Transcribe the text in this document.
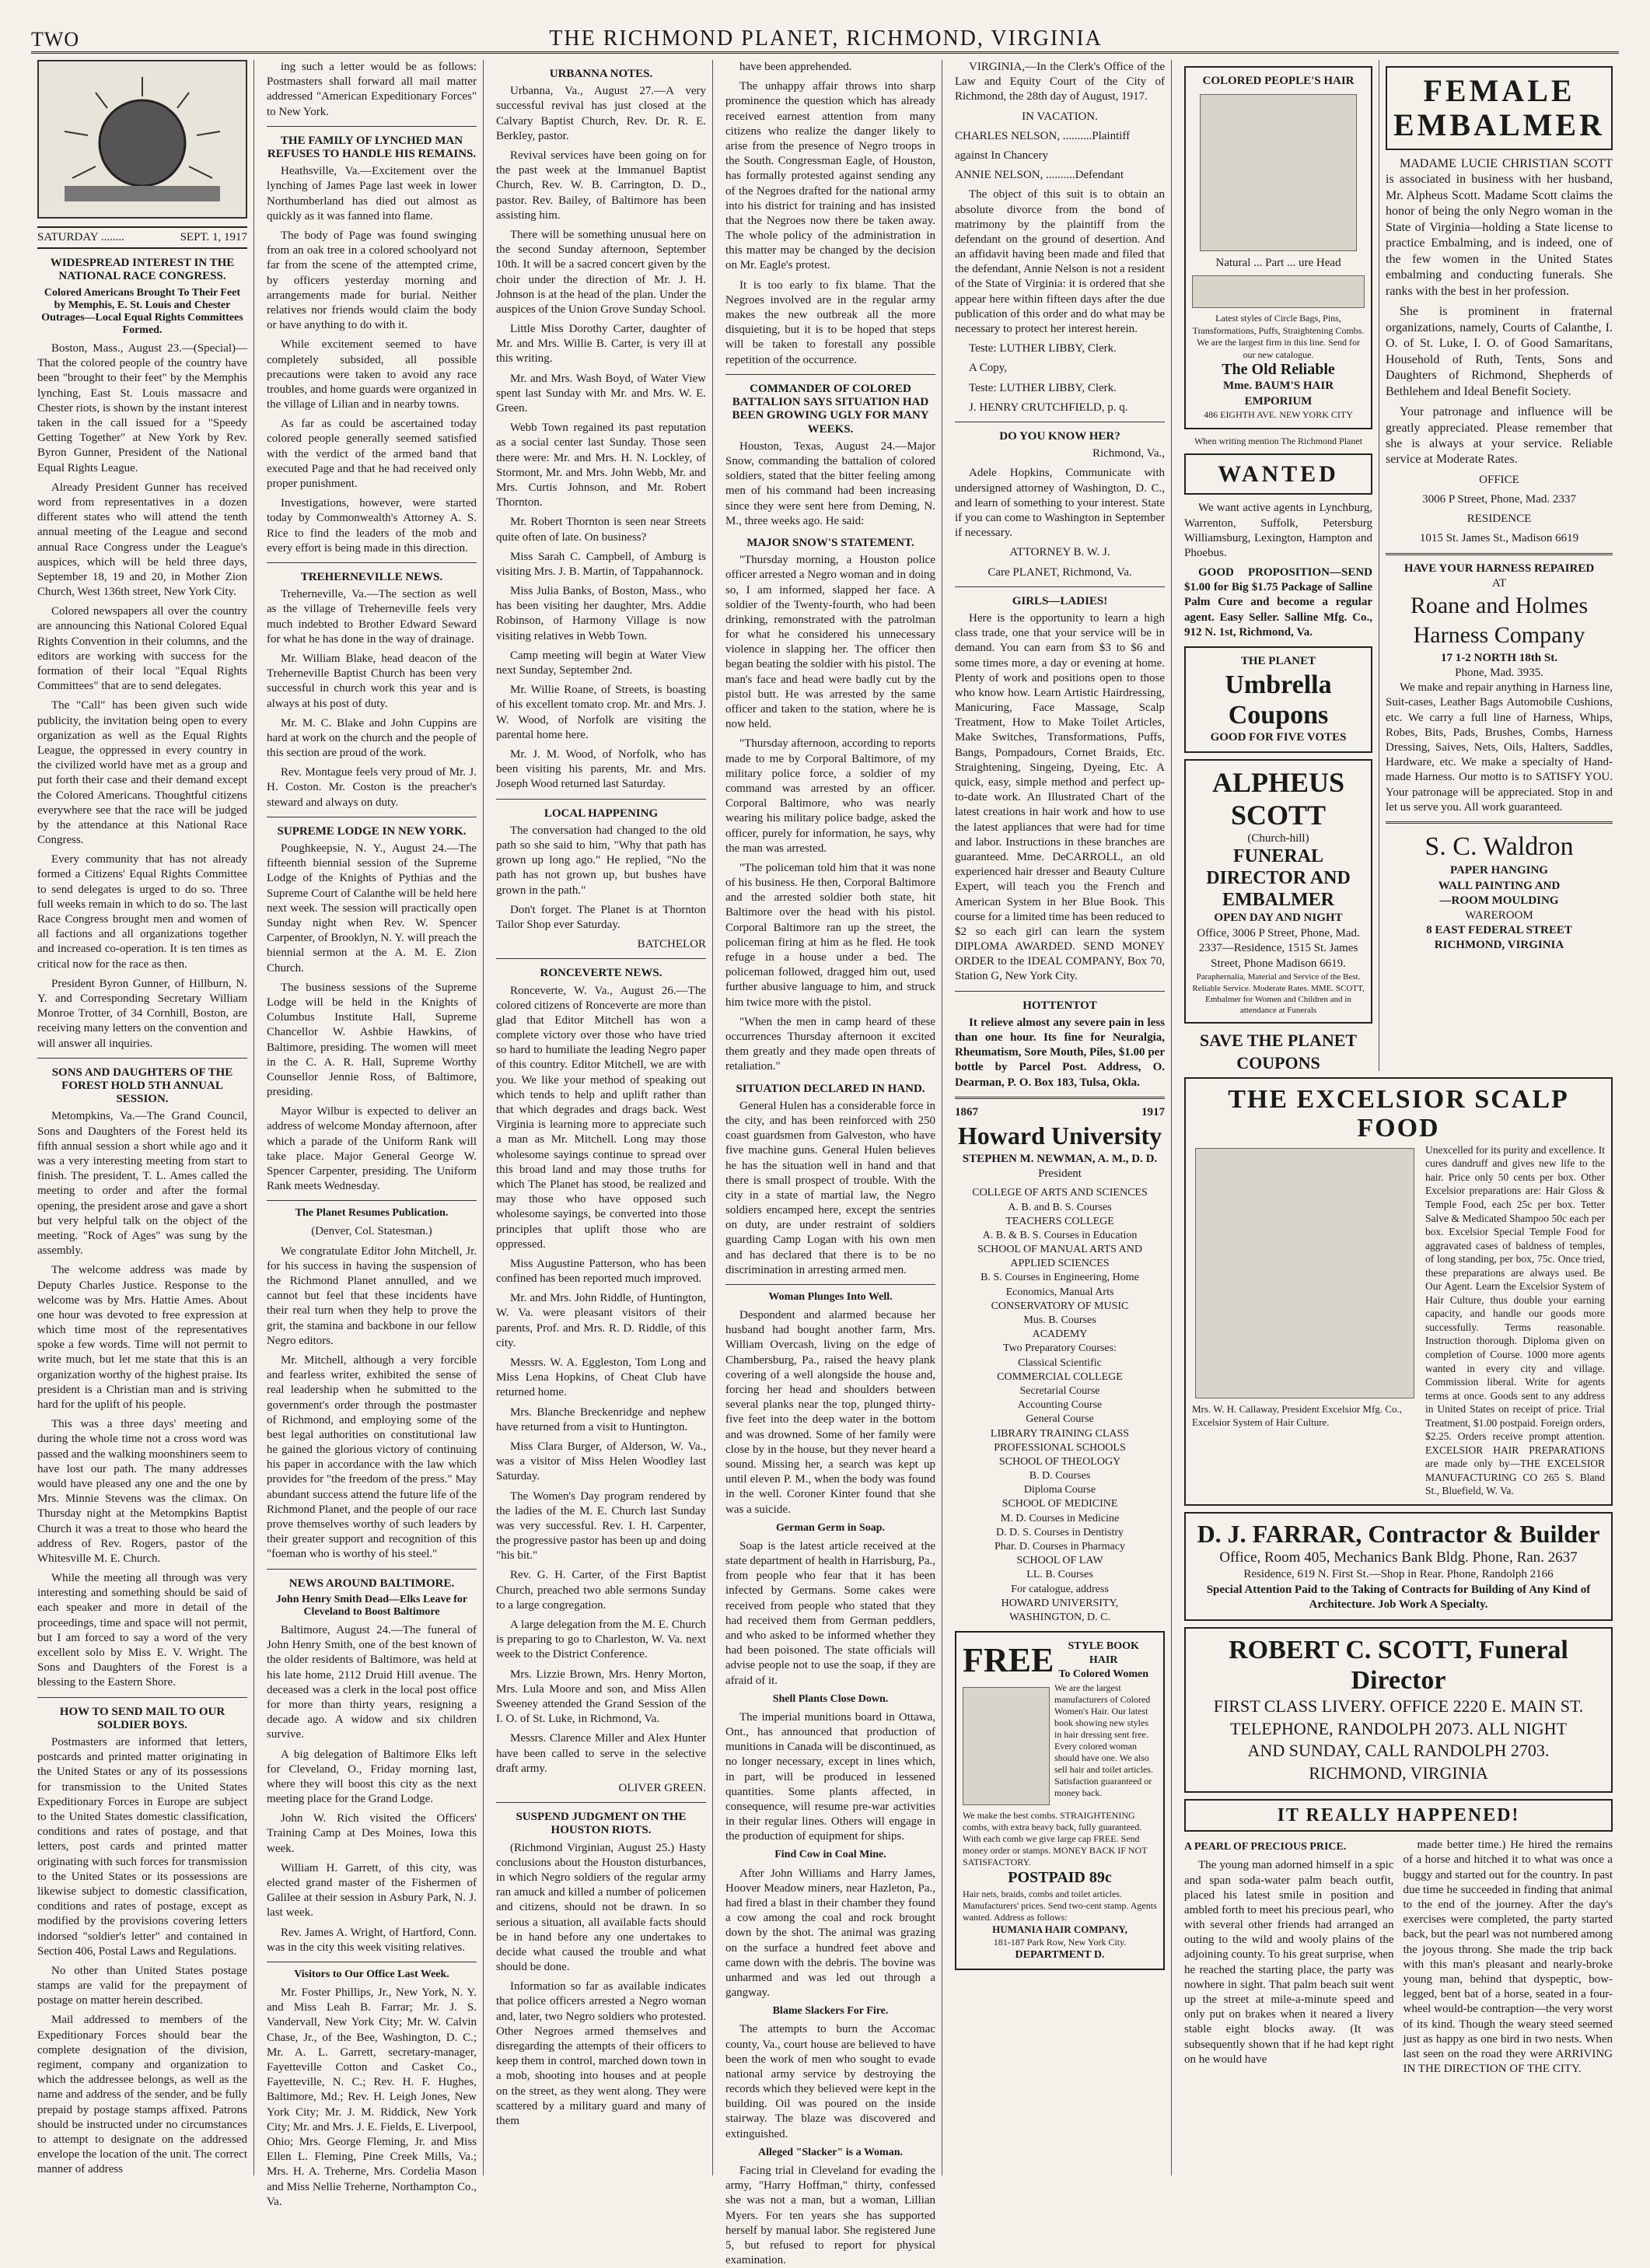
TWO	THE RICHMOND PLANET, RICHMOND, VIRGINIA
SATURDAY ........	SEPT. 1, 1917
WIDESPREAD INTEREST IN THE NATIONAL RACE CONGRESS.
Colored Americans Brought To Their Feet by Memphis, E. St. Louis and Chester Outrages—Local Equal Rights Committees Formed.

Boston, Mass., August 23.—(Special)—That the colored people of the country have been "brought to their feet" by the Memphis lynching, East St. Louis massacre and Chester riots, is shown by the instant interest taken in the call issued for a "Speedy Getting Together" at New York by Rev. Byron Gunner, President of the National Equal Rights League.

Already President Gunner has received word from representatives in a dozen different states who will attend the tenth annual meeting of the League and second annual Race Congress under the League's auspices, which will be held three days, September 18, 19 and 20, in Mother Zion Church, West 136th street, New York City.

Colored newspapers all over the country are announcing this National Colored Equal Rights Convention in their columns, and the editors are working with success for the formation of their local "Equal Rights Committees" that are to send delegates.

The "Call" has been given such wide publicity, the invitation being open to every organization as well as the Equal Rights League, the oppressed in every country in the civilized world have met as a group and put forth their case and their demand except the Colored Americans. Thoughtful citizens everywhere see that the race will be judged by the attendance at this National Race Congress.

Every community that has not already formed a Citizens' Equal Rights Committee to send delegates is urged to do so. Three full weeks remain in which to do so. The last Race Congress brought men and women of all factions and all organizations together and increased co-operation. It is ten times as critical now for the race as then.

President Byron Gunner, of Hillburn, N. Y. and Corresponding Secretary William Monroe Trotter, of 34 Cornhill, Boston, are receiving many letters on the convention and will answer all inquiries.

SONS AND DAUGHTERS OF THE FOREST HOLD 5TH ANNUAL SESSION.

Metompkins, Va.—The Grand Council, Sons and Daughters of the Forest held its fifth annual session a short while ago and it was a very interesting meeting from start to finish. The president, T. L. Ames called the meeting to order and after the formal opening, the president arose and gave a short but very helpful talk on the object of the meeting. "Rock of Ages" was sung by the assembly.

The welcome address was made by Deputy Charles Justice. Response to the welcome was by Mrs. Hattie Ames. About one hour was devoted to free expression at which time most of the representatives spoke a few words. Time will not permit to write much, but let me state that this is an organization worthy of the highest praise. Its president is a Christian man and is striving hard for the uplift of his people.

This was a three days' meeting and during the whole time not a cross word was passed and the walking moonshiners seem to have lost our path. The many addresses would have pleased any one and the one by Mrs. Minnie Stevens was the climax. On Thursday night at the Metompkins Baptist Church it was a treat to those who heard the address of Rev. Rogers, pastor of the Whitesville M. E. Church.

While the meeting all through was very interesting and something should be said of each speaker and more in detail of the proceedings, time and space will not permit, but I am forced to say a word of the very excellent solo by Miss E. V. Wright. The Sons and Daughters of the Forest is a blessing to the Eastern Shore.

HOW TO SEND MAIL TO OUR SOLDIER BOYS.

Postmasters are informed that letters, postcards and printed matter originating in the United States or any of its possessions for transmission to the United States Expeditionary Forces in Europe are subject to the United States domestic classification, conditions and rates of postage, and that letters, post cards and printed matter originating with such forces for transmission to the United States or its possessions are likewise subject to domestic classification, conditions and rates of postage, except as modified by the provisions covering letters indorsed "soldier's letter" and contained in Section 406, Postal Laws and Regulations.

No other than United States postage stamps are valid for the prepayment of postage on matter herein described.

Mail addressed to members of the Expeditionary Forces should bear the complete designation of the division, regiment, company and organization to which the addressee belongs, as well as the name and address of the sender, and be fully prepaid by postage stamps affixed. Patrons should be instructed under no circumstances to attempt to designate on the addressed envelope the location of the unit. The correct manner of address

ing such a letter would be as follows: Postmasters shall forward all mail matter addressed "American Expeditionary Forces" to New York.

THE FAMILY OF LYNCHED MAN REFUSES TO HANDLE HIS REMAINS.

Heathsville, Va.—Excitement over the lynching of James Page last week in lower Northumberland has died out almost as quickly as it was fanned into flame.

The body of Page was found swinging from an oak tree in a colored schoolyard not far from the scene of the attempted crime, by officers yesterday morning and arrangements made for burial. Neither relatives nor friends would claim the body or have anything to do with it.

While excitement seemed to have completely subsided, all possible precautions were taken to avoid any race troubles, and home guards were organized in the village of Lilian and in nearby towns.

As far as could be ascertained today colored people generally seemed satisfied with the verdict of the armed band that executed Page and that he had received only proper punishment.

Investigations, however, were started today by Commonwealth's Attorney A. S. Rice to find the leaders of the mob and every effort is being made in this direction.

TREHERNEVILLE NEWS.

Treherneville, Va.—The section as well as the village of Treherneville feels very much indebted to Brother Edward Seward for what he has done in the way of drainage.

Mr. William Blake, head deacon of the Treherneville Baptist Church has been very successful in church work this year and is always at his post of duty.

Mr. M. C. Blake and John Cuppins are hard at work on the church and the people of this section are proud of the work.

Rev. Montague feels very proud of Mr. J. H. Coston. Mr. Coston is the preacher's steward and always on duty.

SUPREME LODGE IN NEW YORK.

Poughkeepsie, N. Y., August 24.—The fifteenth biennial session of the Supreme Lodge of the Knights of Pythias and the Supreme Court of Calanthe will be held here next week. The session will practically open Sunday night when Rev. W. Spencer Carpenter, of Brooklyn, N. Y. will preach the biennial sermon at the A. M. E. Zion Church.

The business sessions of the Supreme Lodge will be held in the Knights of Columbus Institute Hall, Supreme Chancellor W. Ashbie Hawkins, of Baltimore, presiding. The women will meet in the C. A. R. Hall, Supreme Worthy Counsellor Jennie Ross, of Baltimore, presiding.

Mayor Wilbur is expected to deliver an address of welcome Monday afternoon, after which a parade of the Uniform Rank will take place. Major General George W. Spencer Carpenter, presiding. The Uniform Rank meets Wednesday.

The Planet Resumes Publication.

(Denver, Col. Statesman.)

We congratulate Editor John Mitchell, Jr. for his success in having the suspension of the Richmond Planet annulled, and we cannot but feel that these incidents have their real turn when they help to prove the grit, the stamina and backbone in our fellow Negro editors.

Mr. Mitchell, although a very forcible and fearless writer, exhibited the sense of real leadership when he submitted to the government's order through the postmaster of Richmond, and employing some of the best legal authorities on constitutional law he gained the glorious victory of continuing his paper in accordance with the law which provides for "the freedom of the press." May abundant success attend the future life of the Richmond Planet, and the people of our race prove themselves worthy of such leaders by their greater support and recognition of this "foeman who is worthy of his steel."

NEWS AROUND BALTIMORE.
John Henry Smith Dead—Elks Leave for Cleveland to Boost Baltimore

Baltimore, August 24.—The funeral of John Henry Smith, one of the best known of the older residents of Baltimore, was held at his late home, 2112 Druid Hill avenue. The deceased was a clerk in the local post office for more than thirty years, resigning a decade ago. A widow and six children survive.

A big delegation of Baltimore Elks left for Cleveland, O., Friday morning last, where they will boost this city as the next meeting place for the Grand Lodge.

John W. Rich visited the Officers' Training Camp at Des Moines, Iowa this week.

William H. Garrett, of this city, was elected grand master of the Fishermen of Galilee at their session in Asbury Park, N. J. last week.

Rev. James A. Wright, of Hartford, Conn. was in the city this week visiting relatives.

Visitors to Our Office Last Week.

Mr. Foster Phillips, Jr., New York, N. Y. and Miss Leah B. Farrar; Mr. J. S. Vandervall, New York City; Mr. W. Calvin Chase, Jr., of the Bee, Washington, D. C.; Mr. A. L. Garrett, secretary-manager, Fayetteville Cotton and Casket Co., Fayetteville, N. C.; Rev. H. F. Hughes, Baltimore, Md.; Rev. H. Leigh Jones, New York City; Mr. J. M. Riddick, New York City; Mr. and Mrs. J. E. Fields, E. Liverpool, Ohio; Mrs. George Fleming, Jr. and Miss Ellen L. Fleming, Pine Creek Mills, Va.; Mrs. H. A. Treherne, Mrs. Cordelia Mason and Miss Nellie Treherne, Northampton Co., Va.

URBANNA NOTES.

Urbanna, Va., August 27.—A very successful revival has just closed at the Calvary Baptist Church, Rev. Dr. R. E. Berkley, pastor.

Revival services have been going on for the past week at the Immanuel Baptist Church, Rev. W. B. Carrington, D. D., pastor. Rev. Bailey, of Baltimore has been assisting him.

There will be something unusual here on the second Sunday afternoon, September 10th. It will be a sacred concert given by the choir under the direction of Mr. J. H. Johnson is at the head of the plan. Under the auspices of the Union Grove Sunday School.

Little Miss Dorothy Carter, daughter of Mr. and Mrs. Willie B. Carter, is very ill at this writing.

Mr. and Mrs. Wash Boyd, of Water View spent last Sunday with Mr. and Mrs. W. E. Green.

Webb Town regained its past reputation as a social center last Sunday. Those seen there were: Mr. and Mrs. H. N. Lockley, of Stormont, Mr. and Mrs. John Webb, Mr. and Mrs. Curtis Johnson, and Mr. Robert Thornton.

Mr. Robert Thornton is seen near Streets quite often of late. On business?

Miss Sarah C. Campbell, of Amburg is visiting Mrs. J. B. Martin, of Tappahannock.

Miss Julia Banks, of Boston, Mass., who has been visiting her daughter, Mrs. Addie Robinson, of Harmony Village is now visiting relatives in Webb Town.

Camp meeting will begin at Water View next Sunday, September 2nd.

Mr. Willie Roane, of Streets, is boasting of his excellent tomato crop. Mr. and Mrs. J. W. Wood, of Norfolk are visiting the parental home here.

Mr. J. M. Wood, of Norfolk, who has been visiting his parents, Mr. and Mrs. Joseph Wood returned last Saturday.

LOCAL HAPPENING

The conversation had changed to the old path so she said to him, "Why that path has grown up long ago." He replied, "No the path has not grown up, but bushes have grown in the path."

Don't forget. The Planet is at Thornton Tailor Shop ever Saturday.

BATCHELOR

RONCEVERTE NEWS.

Ronceverte, W. Va., August 26.—The colored citizens of Ronceverte are more than glad that Editor Mitchell has won a complete victory over those who have tried so hard to humiliate the leading Negro paper of this country. Editor Mitchell, we are with you. We like your method of speaking out which tends to help and uplift rather than that which degrades and drags back. West Virginia is learning more to appreciate such a man as Mr. Mitchell. Long may those wholesome sayings continue to spread over this broad land and may those truths for which The Planet has stood, be realized and may those who have opposed such wholesome sayings, be converted into those principles that uplift those who are oppressed.

Miss Augustine Patterson, who has been confined has been reported much improved.

Mr. and Mrs. John Riddle, of Huntington, W. Va. were pleasant visitors of their parents, Prof. and Mrs. R. D. Riddle, of this city.

Messrs. W. A. Eggleston, Tom Long and Miss Lena Hopkins, of Cheat Club have returned home.

Mrs. Blanche Breckenridge and nephew have returned from a visit to Huntington.

Miss Clara Burger, of Alderson, W. Va., was a visitor of Miss Helen Woodley last Saturday.

The Women's Day program rendered by the ladies of the M. E. Church last Sunday was very successful. Rev. I. H. Carpenter, the progressive pastor has been up and doing "his bit."

Rev. G. H. Carter, of the First Baptist Church, preached two able sermons Sunday to a large congregation.

A large delegation from the M. E. Church is preparing to go to Charleston, W. Va. next week to the District Conference.

Mrs. Lizzie Brown, Mrs. Henry Morton, Mrs. Lula Moore and son, and Miss Allen Sweeney attended the Grand Session of the I. O. of St. Luke, in Richmond, Va.

Messrs. Clarence Miller and Alex Hunter have been called to serve in the selective draft army.

OLIVER GREEN.

SUSPEND JUDGMENT ON THE HOUSTON RIOTS.

(Richmond Virginian, August 25.) Hasty conclusions about the Houston disturbances, in which Negro soldiers of the regular army ran amuck and killed a number of policemen and citizens, should not be drawn. In so serious a situation, all available facts should be in hand before any one undertakes to decide what caused the trouble and what should be done.

Information so far as available indicates that police officers arrested a Negro woman and, later, two Negro soldiers who protested. Other Negroes armed themselves and disregarding the attempts of their officers to keep them in control, marched down town in a mob, shooting into houses and at people on the street, as they went along. They were scattered by a military guard and many of them

have been apprehended.

The unhappy affair throws into sharp prominence the question which has already received earnest attention from many citizens who realize the danger likely to arise from the presence of Negro troops in the South. Congressman Eagle, of Houston, has formally protested against sending any of the Negroes drafted for the national army into his district for training and has insisted that the Negroes now there be taken away. The whole policy of the administration in this matter may be changed by the decision on Mr. Eagle's protest.

It is too early to fix blame. That the Negroes involved are in the regular army makes the new outbreak all the more disquieting, but it is to be hoped that steps will be taken to forestall any possible repetition of the occurrence.

COMMANDER OF COLORED BATTALION SAYS SITUATION HAD BEEN GROWING UGLY FOR MANY WEEKS.

Houston, Texas, August 24.—Major Snow, commanding the battalion of colored soldiers, stated that the bitter feeling among men of his command had been increasing since they were sent here from Deming, N. M., three weeks ago. He said:

MAJOR SNOW'S STATEMENT.

"Thursday morning, a Houston police officer arrested a Negro woman and in doing so, I am informed, slapped her face. A soldier of the Twenty-fourth, who had been drinking, remonstrated with the patrolman for what he considered his unnecessary violence in slapping her. The officer then began beating the soldier with his pistol. The man's face and head were badly cut by the pistol butt. He was arrested by the same officer and taken to the station, where he is now held.

"Thursday afternoon, according to reports made to me by Corporal Baltimore, of my military police force, a soldier of my command was arrested by an officer. Corporal Baltimore, who was nearly wearing his military police badge, asked the officer, purely for information, he says, why the man was arrested.

"The policeman told him that it was none of his business. He then, Corporal Baltimore and the arrested soldier both state, hit Baltimore over the head with his pistol. Corporal Baltimore ran up the street, the policeman firing at him as he fled. He took refuge in a house under a bed. The policeman followed, dragged him out, used further abusive language to him, and struck him twice more with the pistol.

"When the men in camp heard of these occurrences Thursday afternoon it excited them greatly and they made open threats of retaliation."

SITUATION DECLARED IN HAND.

General Hulen has a considerable force in the city, and has been reinforced with 250 coast guardsmen from Galveston, who have five machine guns. General Hulen believes he has the situation well in hand and that there is small prospect of trouble. With the city in a state of martial law, the Negro soldiers encamped here, except the sentries on duty, are under restraint of soldiers guarding Camp Logan with his own men and has declared that there is to be no discrimination in arresting armed men.

Woman Plunges Into Well.

Despondent and alarmed because her husband had bought another farm, Mrs. William Overcash, living on the edge of Chambersburg, Pa., raised the heavy plank covering of a well alongside the house and, forcing her head and shoulders between several planks near the top, plunged thirty-five feet into the deep water in the bottom and was drowned. Some of her family were close by in the house, but they never heard a sound. Missing her, a search was kept up until eleven P. M., when the body was found in the well. Coroner Kinter found that she was a suicide.

German Germ in Soap.

Soap is the latest article received at the state department of health in Harrisburg, Pa., from people who fear that it has been infected by Germans. Some cakes were received from people who stated that they had received them from German peddlers, and who asked to be informed whether they had been poisoned. The state officials will advise people not to use the soap, if they are afraid of it.

Shell Plants Close Down.

The imperial munitions board in Ottawa, Ont., has announced that production of munitions in Canada will be discontinued, as no longer necessary, except in lines which, in part, will be produced in lessened quantities. Some plants affected, in consequence, will resume pre-war activities in their regular lines. Others will engage in the production of equipment for ships.

Find Cow in Coal Mine.

After John Williams and Harry James, Hoover Meadow miners, near Hazleton, Pa., had fired a blast in their chamber they found a cow among the coal and rock brought down by the shot. The animal was grazing on the surface a hundred feet above and came down with the debris. The bovine was unharmed and was led out through a gangway.

Blame Slackers For Fire.

The attempts to burn the Accomac county, Va., court house are believed to have been the work of men who sought to evade national army service by destroying the records which they believed were kept in the building. Oil was poured on the inside stairway. The blaze was discovered and extinguished.

Alleged "Slacker" is a Woman.

Facing trial in Cleveland for evading the army, "Harry Hoffman," thirty, confessed she was not a man, but a woman, Lillian Myers. For ten years she has supported herself by manual labor. She registered June 5, but refused to report for physical examination.

VIRGINIA,—In the Clerk's Office of the Law and Equity Court of the City of Richmond, the 28th day of August, 1917.

IN VACATION.

CHARLES NELSON, ..........Plaintiff

against In Chancery

ANNIE NELSON, ..........Defendant

The object of this suit is to obtain an absolute divorce from the bond of matrimony by the plaintiff from the defendant on the ground of desertion. And an affidavit having been made and filed that the defendant, Annie Nelson is not a resident of the State of Virginia: it is ordered that she appear here within fifteen days after the due publication of this order and do what may be necessary to protect her interest herein.

Teste: LUTHER LIBBY, Clerk.

A Copy,

Teste: LUTHER LIBBY, Clerk.

J. HENRY CRUTCHFIELD, p. q.

DO YOU KNOW HER?

Richmond, Va.,

Adele Hopkins, Communicate with undersigned attorney of Washington, D. C., and learn of something to your interest. State if you can come to Washington in September if necessary.

ATTORNEY B. W. J.

Care PLANET, Richmond, Va.

GIRLS—LADIES!

Here is the opportunity to learn a high class trade, one that your service will be in demand. You can earn from $3 to $6 and some times more, a day or evening at home. Plenty of work and positions open to those who know how. Learn Artistic Hairdressing, Manicuring, Face Massage, Scalp Treatment, How to Make Toilet Articles, Make Switches, Transformations, Puffs, Bangs, Pompadours, Cornet Braids, Etc. Straightening, Singeing, Dyeing, Etc. A quick, easy, simple method and perfect up-to-date work. An Illustrated Chart of the latest creations in hair work and how to use the latest appliances that were had for time and labor. Instructions in these branches are guaranteed. Mme. DeCARROLL, an old experienced hair dresser and Beauty Culture Expert, will teach you the French and American System in her Blue Book. This course for a limited time has been reduced to $2 so each girl can learn the system DIPLOMA AWARDED. SEND MONEY ORDER to the IDEAL COMPANY, Box 70, Station G, New York City.

HOTTENTOT

It relieve almost any severe pain in less than one hour. Its fine for Neuralgia, Rheumatism, Sore Mouth, Piles, $1.00 per bottle by Parcel Post. Address, O. Dearman, P. O. Box 183, Tulsa, Okla.

1867	1917
Howard University
STEPHEN M. NEWMAN, A. M., D. D.
President
COLLEGE OF ARTS AND SCIENCES
A. B. and B. S. Courses
TEACHERS COLLEGE
A. B. & B. S. Courses in Education
SCHOOL OF MANUAL ARTS AND APPLIED SCIENCES
B. S. Courses in Engineering, Home Economics, Manual Arts
CONSERVATORY OF MUSIC
Mus. B. Courses
ACADEMY
Two Preparatory Courses:
Classical Scientific
COMMERCIAL COLLEGE
Secretarial Course
Accounting Course
General Course
LIBRARY TRAINING CLASS
PROFESSIONAL SCHOOLS
SCHOOL OF THEOLOGY
B. D. Courses
Diploma Course
SCHOOL OF MEDICINE
M. D. Courses in Medicine
D. D. S. Courses in Dentistry
Phar. D. Courses in Pharmacy
SCHOOL OF LAW
LL. B. Courses
For catalogue, address
HOWARD UNIVERSITY,
WASHINGTON, D. C.
FREE	STYLE BOOK
HAIR
To Colored Women
We are the largest manufacturers of Colored Women's Hair. Our latest book showing new styles in hair dressing sent free. Every colored woman should have one. We also sell hair and toilet articles. Satisfaction guaranteed or money back.
We make the best combs. STRAIGHTENING combs, with extra heavy back, fully guaranteed. With each comb we give large cap FREE. Send money order or stamps. MONEY BACK IF NOT SATISFACTORY.
POSTPAID 89c
Hair nets, braids, combs and toilet articles. Manufacturers' prices. Send two-cent stamp. Agents wanted. Address as follows:
HUMANIA HAIR COMPANY,
181-187 Park Row, New York City.
DEPARTMENT D.
COLORED PEOPLE'S HAIR
Natural ... Part ... ure Head
Latest styles of Circle Bags, Pins, Transformations, Puffs, Straightening Combs. We are the largest firm in this line. Send for our new catalogue.
The Old Reliable
Mme. BAUM'S HAIR EMPORIUM
486 EIGHTH AVE. NEW YORK CITY
When writing mention The Richmond Planet
WANTED

We want active agents in Lynchburg, Warrenton, Suffolk, Petersburg Williamsburg, Lexington, Hampton and Phoebus.

GOOD PROPOSITION—SEND $1.00 for Big $1.75 Package of Salline Palm Cure and become a regular agent. Easy Seller. Salline Mfg. Co., 912 N. 1st, Richmond, Va.

THE PLANET
Umbrella Coupons
GOOD FOR FIVE VOTES
ALPHEUS SCOTT
(Church-hill)
FUNERAL DIRECTOR AND EMBALMER
OPEN DAY AND NIGHT
Office, 3006 P Street, Phone, Mad. 2337—Residence, 1515 St. James Street, Phone Madison 6619.
Paraphernalia, Material and Service of the Best. Reliable Service. Moderate Rates. MME. SCOTT, Embalmer for Women and Children and in attendance at Funerals
SAVE THE PLANET COUPONS
FEMALE
EMBALMER

MADAME LUCIE CHRISTIAN SCOTT is associated in business with her husband, Mr. Alpheus Scott. Madame Scott claims the honor of being the only Negro woman in the State of Virginia—holding a State license to practice Embalming, and is indeed, one of the few women in the United States embalming and conducting funerals. She ranks with the best in her profession.

She is prominent in fraternal organizations, namely, Courts of Calanthe, I. O. of St. Luke, I. O. of Good Samaritans, Household of Ruth, Tents, Sons and Daughters of Richmond, Shepherds of Bethlehem and Ideal Benefit Society.

Your patronage and influence will be greatly appreciated. Please remember that she is always at your service. Reliable service at Moderate Rates.

OFFICE

3006 P Street, Phone, Mad. 2337

RESIDENCE

1015 St. James St., Madison 6619

HAVE YOUR HARNESS REPAIRED
AT
Roane and Holmes Harness Company
17 1-2 NORTH 18th St.
Phone, Mad. 3935.

We make and repair anything in Harness line, Suit-cases, Leather Bags Automobile Cushions, etc. We carry a full line of Harness, Whips, Robes, Bits, Pads, Brushes, Combs, Harness Dressing, Saives, Nets, Oils, Halters, Saddles, Hardware, etc. We make a specialty of Hand-made Harness. Our motto is to SATISFY YOU. Your patronage will be appreciated. Stop in and let us serve you. All work guaranteed.

S. C. Waldron
PAPER HANGING
WALL PAINTING AND
—ROOM MOULDING
WAREROOM
8 EAST FEDERAL STREET
RICHMOND, VIRGINIA
THE EXCELSIOR SCALP FOOD
Mrs. W. H. Callaway, President Excelsior Mfg. Co., Excelsior System of Hair Culture.
Unexcelled for its purity and excellence. It cures dandruff and gives new life to the hair. Price only 50 cents per box. Other Excelsior preparations are: Hair Gloss & Temple Food, each 25c per box. Tetter Salve & Medicated Shampoo 50c each per box. Excelsior Special Temple Food for aggravated cases of baldness of temples, of long standing, per box, 75c. Once tried, these preparations are always used. Be Our Agent. Learn the Excelsior System of Hair Culture, thus double your earning capacity, and handle our goods more successfully. Terms reasonable. Instruction thorough. Diploma given on completion of Course. 1000 more agents wanted in every city and village. Commission liberal. Write for agents terms at once. Goods sent to any address in United States on receipt of price. Trial Treatment, $1.00 postpaid. Foreign orders, $2.25. Orders receive prompt attention. EXCELSIOR HAIR PREPARATIONS are made only by—THE EXCELSIOR MANUFACTURING CO 265 S. Bland St., Bluefield, W. Va.
D. J. FARRAR, Contractor & Builder
Office, Room 405, Mechanics Bank Bldg. Phone, Ran. 2637
Residence, 619 N. First St.—Shop in Rear. Phone, Randolph 2166
Special Attention Paid to the Taking of Contracts for Building of Any Kind of Architecture. Job Work A Specialty.
ROBERT C. SCOTT, Funeral Director
FIRST CLASS LIVERY. OFFICE 2220 E. MAIN ST.
TELEPHONE, RANDOLPH 2073. ALL NIGHT
AND SUNDAY, CALL RANDOLPH 2703.
RICHMOND, VIRGINIA
IT REALLY HAPPENED!
A PEARL OF PRECIOUS PRICE.

The young man adorned himself in a spic and span soda-water palm beach outfit, placed his latest smile in position and ambled forth to meet his precious pearl, who with several other friends had arranged an outing to the wild and wooly plains of the adjoining county. To his great surprise, when he reached the starting place, the party was nowhere in sight. That palm beach suit went up the street at mile-a-minute speed and only put on brakes when it neared a livery stable eight blocks away. (It was subsequently shown that if he had kept right on he would have

made better time.) He hired the remains of a horse and hitched it to what was once a buggy and started out for the country. In past due time he succeeded in finding that animal to the end of the journey. After the day's exercises were completed, the party started back, but the pearl was not numbered among the joyous throng. She made the trip back with this man's pleasant and nearly-broke young man, behind that dyspeptic, bow-legged, bent bat of a horse, seated in a four-wheel would-be contraption—the very worst of its kind. Though the weary steed seemed just as happy as one bird in two nests. When last seen on the road they were ARRIVING IN THE DIRECTION OF THE CITY.
